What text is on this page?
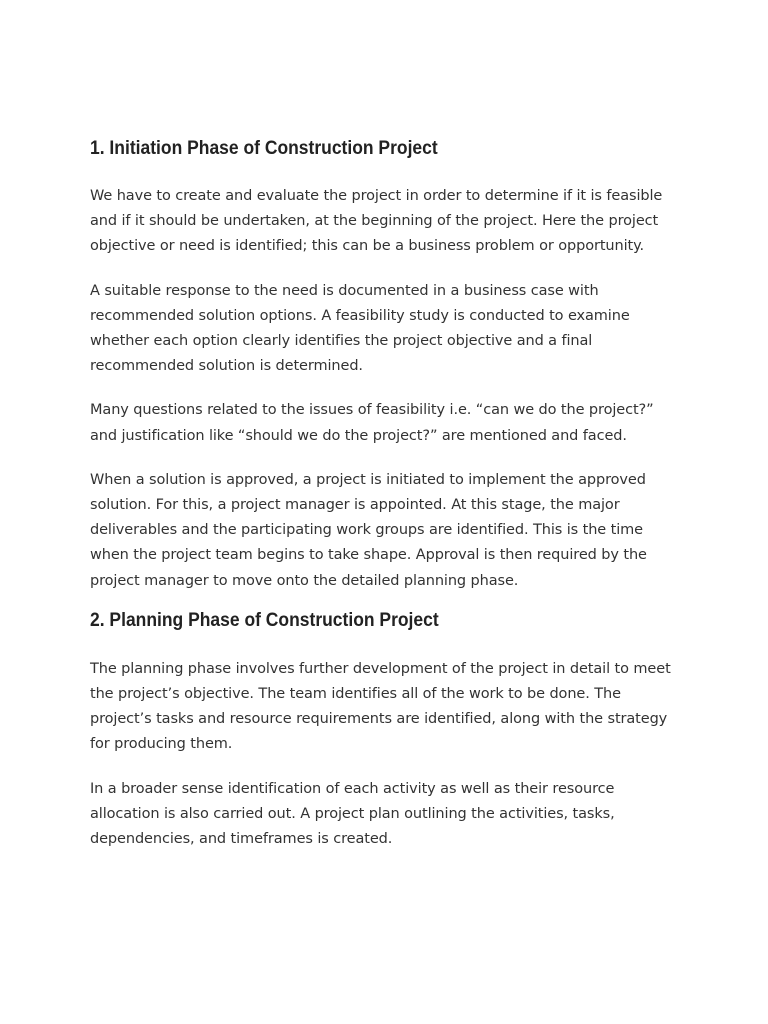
1. Initiation Phase of Construction Project

We have to create and evaluate the project in order to determine if it is feasible and if it should be undertaken, at the beginning of the project. Here the project objective or need is identified; this can be a business problem or opportunity.

A suitable response to the need is documented in a business case with recommended solution options. A feasibility study is conducted to examine whether each option clearly identifies the project objective and a final recommended solution is determined.

Many questions related to the issues of feasibility i.e. “can we do the project?” and justification like “should we do the project?” are mentioned and faced.

When a solution is approved, a project is initiated to implement the approved solution. For this, a project manager is appointed. At this stage, the major deliverables and the participating work groups are identified. This is the time when the project team begins to take shape. Approval is then required by the project manager to move onto the detailed planning phase.

2. Planning Phase of Construction Project

The planning phase involves further development of the project in detail to meet the project’s objective. The team identifies all of the work to be done. The project’s tasks and resource requirements are identified, along with the strategy for producing them.

In a broader sense identification of each activity as well as their resource allocation is also carried out. A project plan outlining the activities, tasks, dependencies, and timeframes is created.
